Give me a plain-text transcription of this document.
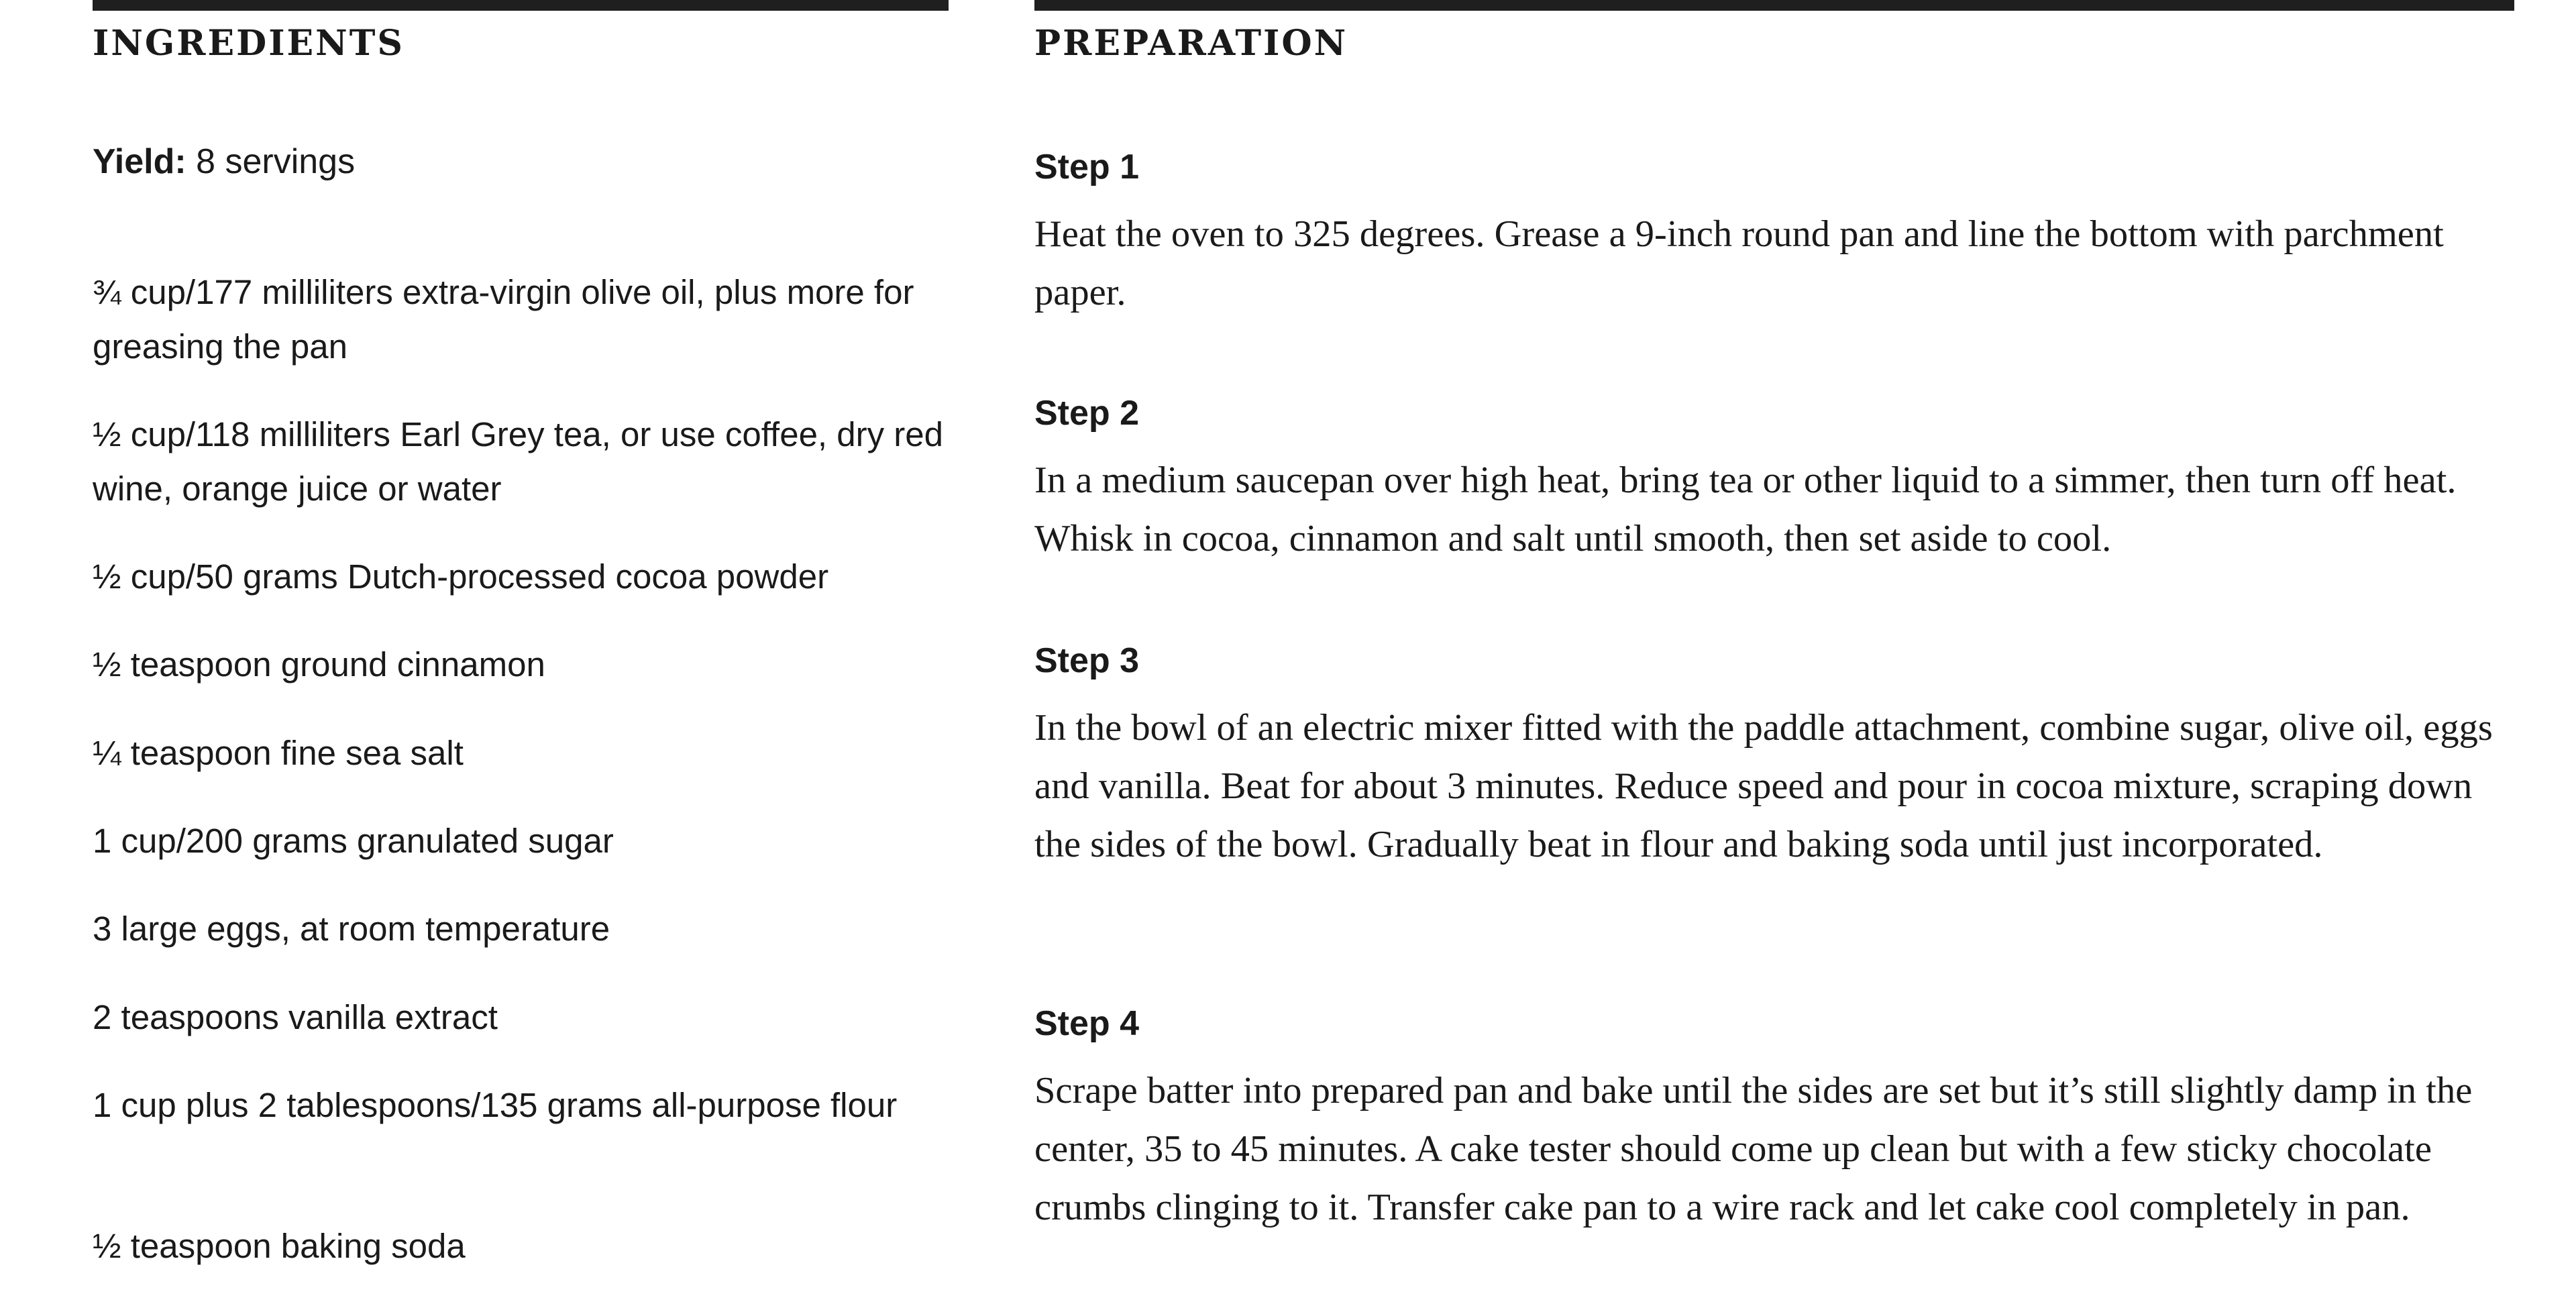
INGREDIENTS
Yield: 8 servings
¾ cup/177 milliliters extra-virgin olive oil, plus more for greasing the pan
½ cup/118 milliliters Earl Grey tea, or use coffee, dry red wine, orange juice or water
½ cup/50 grams Dutch-processed cocoa powder
½ teaspoon ground cinnamon
¼ teaspoon fine sea salt
1 cup/200 grams granulated sugar
3 large eggs, at room temperature
2 teaspoons vanilla extract
1 cup plus 2 tablespoons/135 grams all-purpose flour
½ teaspoon baking soda
PREPARATION
Step 1

Heat the oven to 325 degrees. Grease a 9-inch round pan and line the bottom with parchment paper.

Step 2

In a medium saucepan over high heat, bring tea or other liquid to a simmer, then turn off heat. Whisk in cocoa, cinnamon and salt until smooth, then set aside to cool.

Step 3

In the bowl of an electric mixer fitted with the paddle attachment, combine sugar, olive oil, eggs and vanilla. Beat for about 3 minutes. Reduce speed and pour in cocoa mixture, scraping down the sides of the bowl. Gradually beat in flour and baking soda until just incorporated.

Step 4

Scrape batter into prepared pan and bake until the sides are set but it’s still slightly damp in the center, 35 to 45 minutes. A cake tester should come up clean but with a few sticky chocolate crumbs clinging to it. Transfer cake pan to a wire rack and let cake cool completely in pan.
